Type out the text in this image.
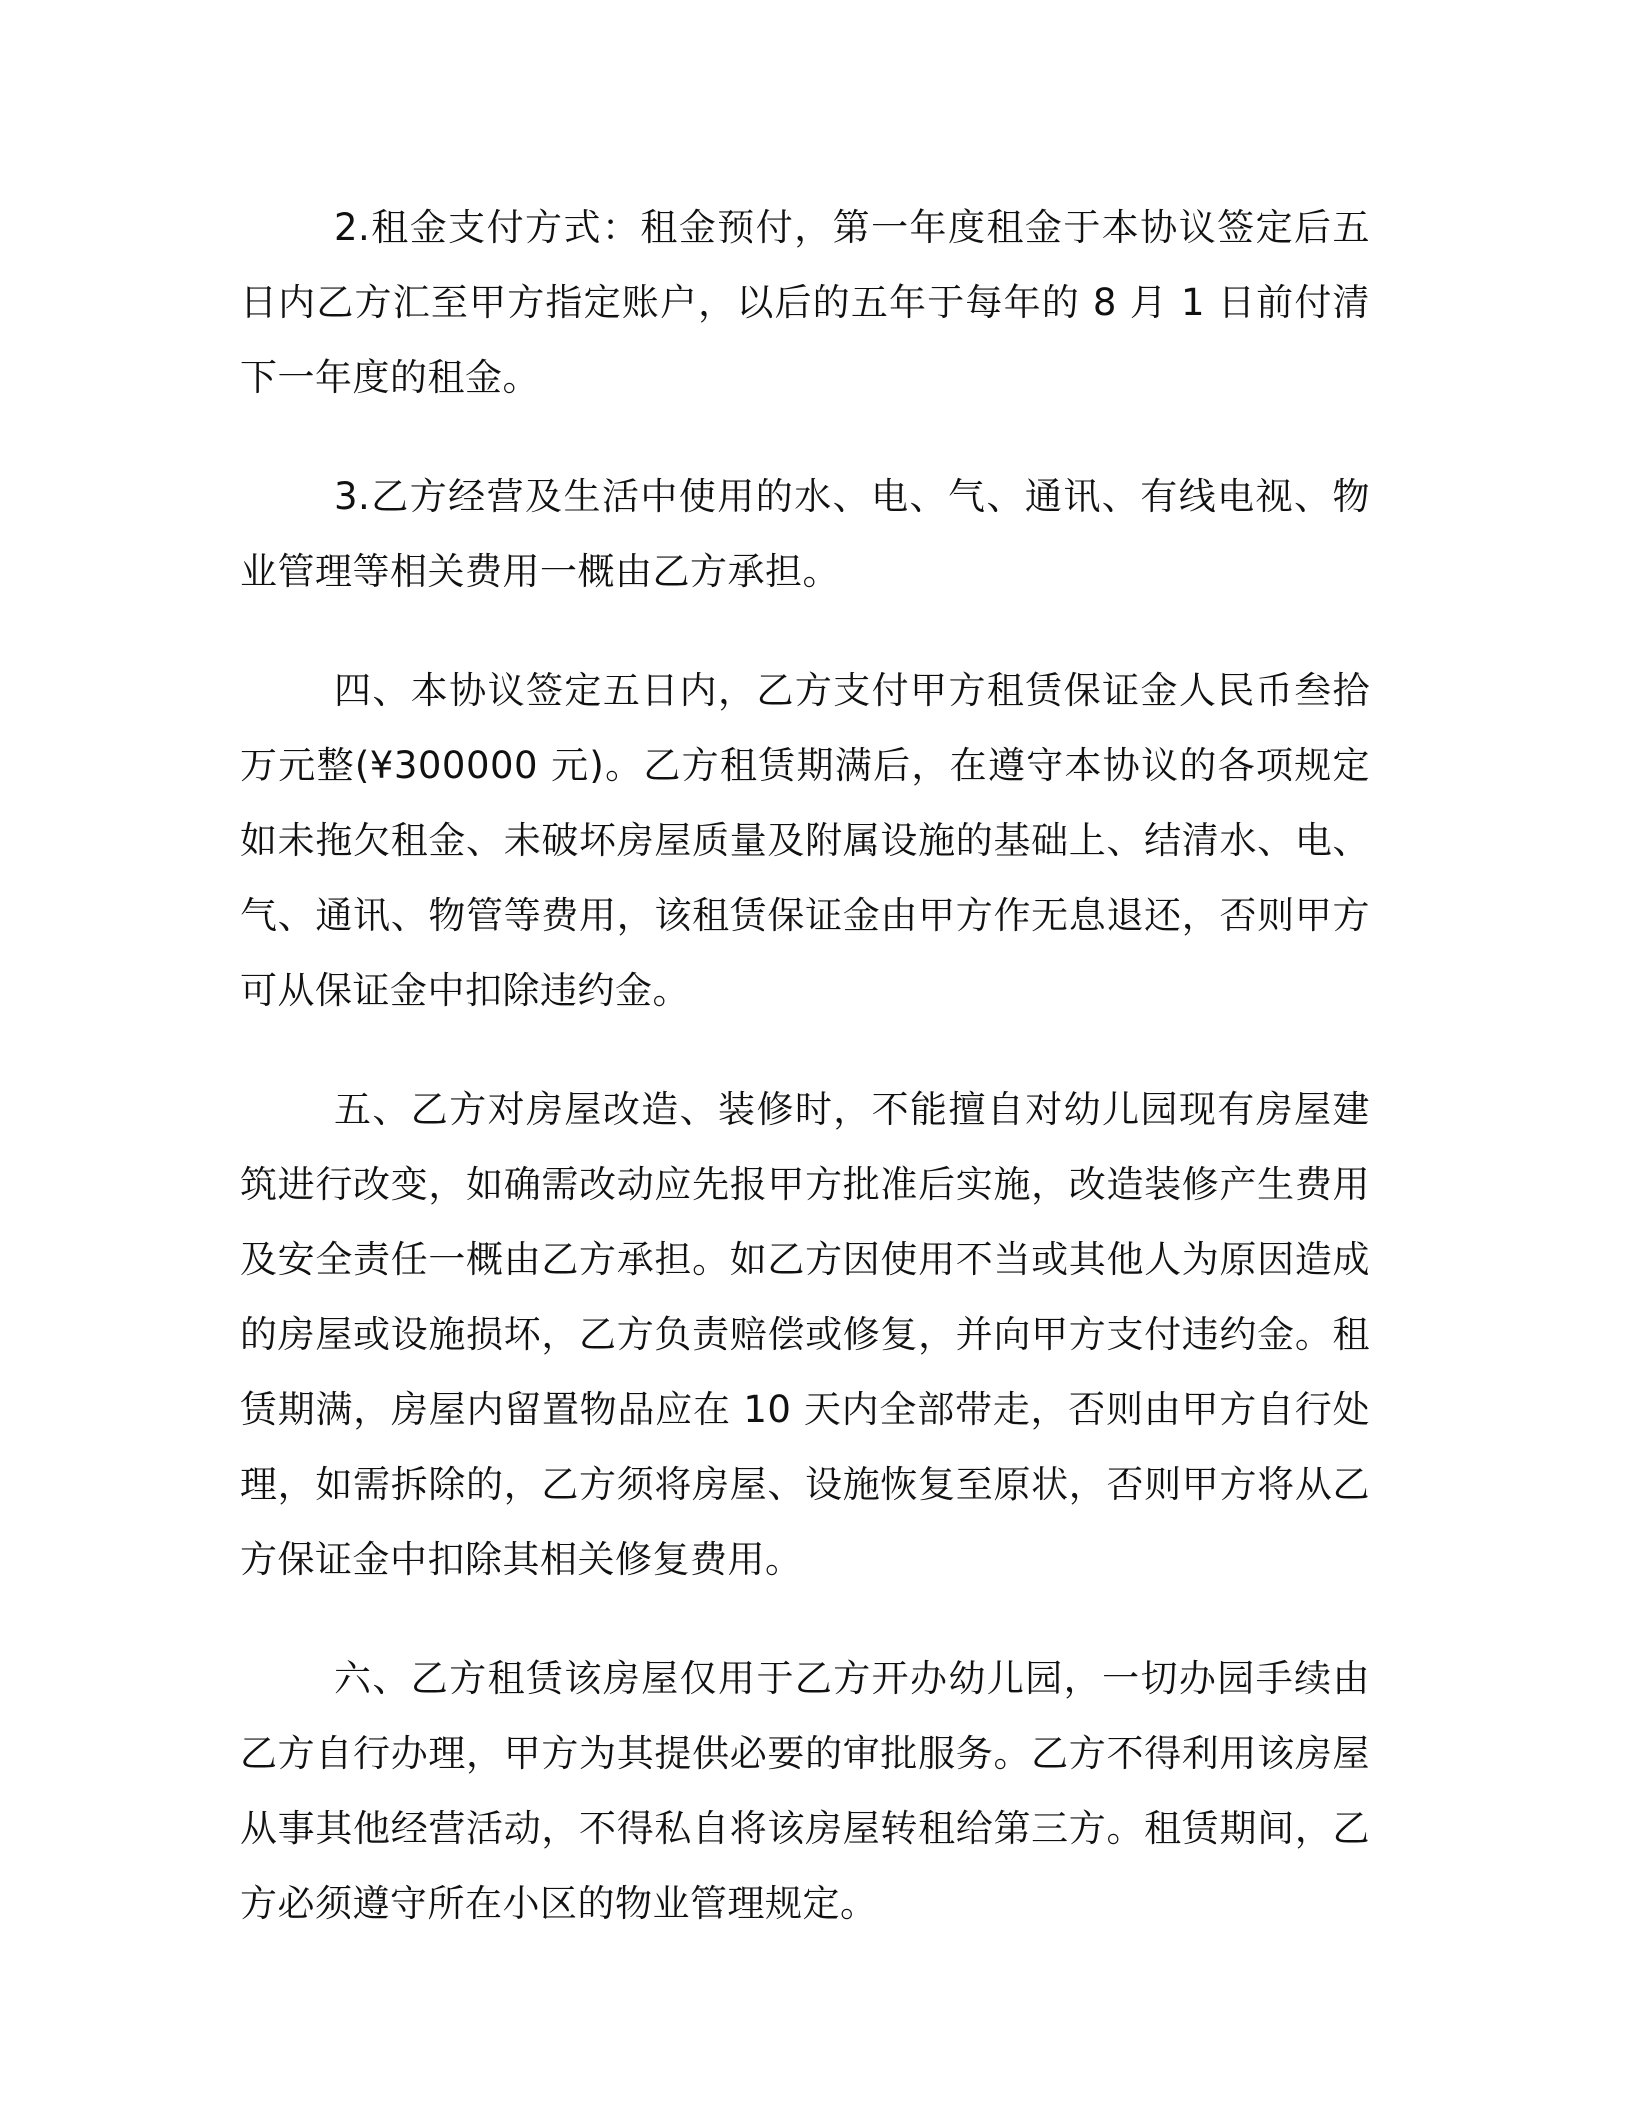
2.租金支付方式：租金预付，第一年度租金于本协议签定后五日内乙方汇至甲方指定账户，以后的五年于每年的 8 月 1 日前付清下一年度的租金。

3.乙方经营及生活中使用的水、电、气、通讯、有线电视、物业管理等相关费用一概由乙方承担。

四、本协议签定五日内，乙方支付甲方租赁保证金人民币叁拾万元整(¥300000 元)。乙方租赁期满后，在遵守本协议的各项规定如未拖欠租金、未破坏房屋质量及附属设施的基础上、结清水、电、气、通讯、物管等费用，该租赁保证金由甲方作无息退还，否则甲方可从保证金中扣除违约金。

五、乙方对房屋改造、装修时，不能擅自对幼儿园现有房屋建筑进行改变，如确需改动应先报甲方批准后实施，改造装修产生费用及安全责任一概由乙方承担。如乙方因使用不当或其他人为原因造成的房屋或设施损坏，乙方负责赔偿或修复，并向甲方支付违约金。租赁期满，房屋内留置物品应在 10 天内全部带走，否则由甲方自行处理，如需拆除的，乙方须将房屋、设施恢复至原状，否则甲方将从乙方保证金中扣除其相关修复费用。

六、乙方租赁该房屋仅用于乙方开办幼儿园，一切办园手续由乙方自行办理，甲方为其提供必要的审批服务。乙方不得利用该房屋从事其他经营活动，不得私自将该房屋转租给第三方。租赁期间，乙方必须遵守所在小区的物业管理规定。
